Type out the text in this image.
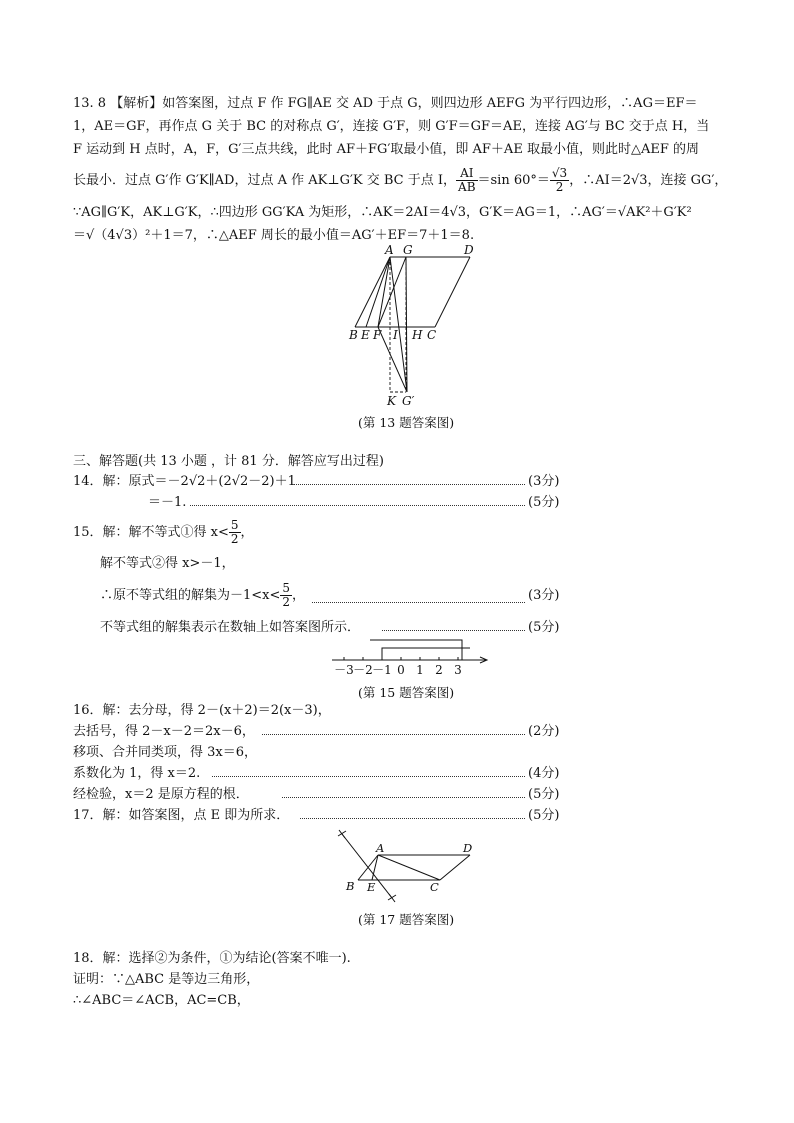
13. 8 【解析】如答案图，过点 F 作 FG∥AE 交 AD 于点 G，则四边形 AEFG 为平行四边形，∴AG＝EF＝
1，AE＝GF，再作点 G 关于 BC 的对称点 G′，连接 G′F，则 G′F＝GF＝AE，连接 AG′与 BC 交于点 H，当
F 运动到 H 点时，A，F，G′三点共线，此时 AF＋FG′取最小值，即 AF＋AE 取最小值，则此时△AEF 的周
长最小．过点 G′作 G′K∥AD，过点 A 作 AK⊥G′K 交 BC 于点 I， $\frac{AI}{AB} =\sin$ $60^\circ= \frac{√3}{2}$ ，∴AI＝2√3，连接 GG′，
∵AG∥G′K，AK⊥G′K，∴四边形 GG′KA 为矩形，∴AK＝2AI＝4√3，G′K＝AG＝1，∴AG′＝√AK²＋G′K²
＝√（4√3）²＋1＝7，∴△AEF 周长的最小值＝AG′＋EF＝7＋1＝8.
A G	D
B E F I H C
K G′
(第 13 题答案图)
三、解答题(共 13 小题 ，计 81 分．解答应写出过程)
14．解：原式＝－2√2＋(2√2－2)＋1	(3分)
＝－1.	(5分)
15．解：解不等式①得 $x< \frac{5}{2}$ ，
解不等式②得 x>－1，
∴原不等式组的解集为$-1<x< \frac{5}{2}$ ，	(3分)
不等式组的解集表示在数轴上如答案图所示．	(5分)
－3 －2 －1 0 1 2 3
(第 15 题答案图)
16．解：去分母，得 2－(x＋2)＝2(x－3)，
去括号，得 2－x－2＝2x－6，	(2分)
移项、合并同类项，得 3x＝6，
系数化为 1，得 x＝2.	(4分)
经检验，x＝2 是原方程的根．	(5分)
17．解：如答案图，点 E 即为所求．	(5分)
A	D
B E	C
(第 17 题答案图)
18．解：选择②为条件，①为结论(答案不唯一).
证明：∵△ABC 是等边三角形，
∴∠ABC＝∠ACB，AC=CB，
